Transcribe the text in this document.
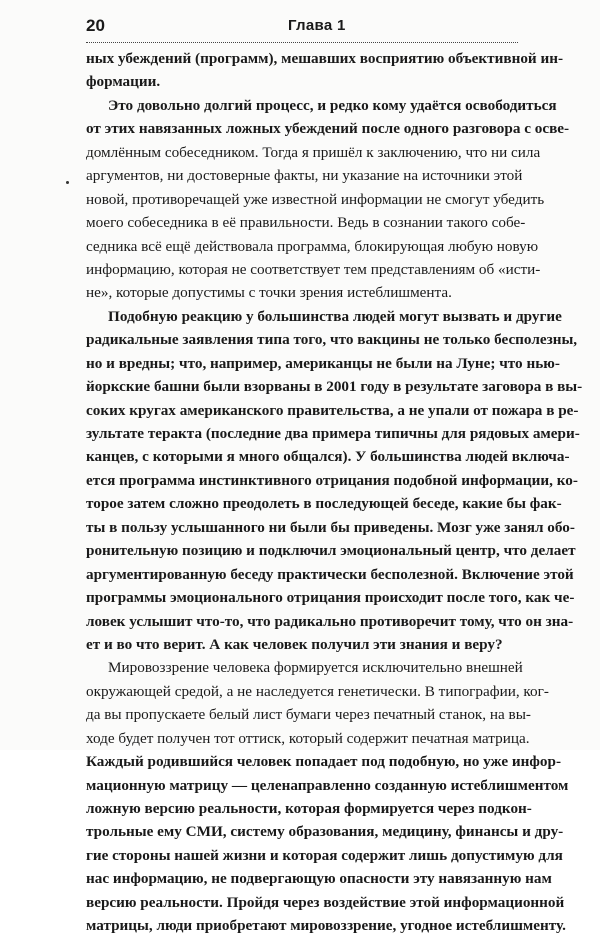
20	Глава 1
ных убеждений (программ), мешавших восприятию объективной ин-
формации.
Это довольно долгий процесс, и редко кому удаётся освободиться
от этих навязанных ложных убеждений после одного разговора с осве-
домлённым собеседником. Тогда я пришёл к заключению, что ни сила
аргументов, ни достоверные факты, ни указание на источники этой
новой, противоречащей уже известной информации не смогут убедить
моего собеседника в её правильности. Ведь в сознании такого собе-
седника всё ещё действовала программа, блокирующая любую новую
информацию, которая не соответствует тем представлениям об «исти-
не», которые допустимы с точки зрения истеблишмента.
Подобную реакцию у большинства людей могут вызвать и другие
радикальные заявления типа того, что вакцины не только бесполезны,
но и вредны; что, например, американцы не были на Луне; что нью-
йоркские башни были взорваны в 2001 году в результате заговора в вы-
соких кругах американского правительства, а не упали от пожара в ре-
зультате теракта (последние два примера типичны для рядовых амери-
канцев, с которыми я много общался). У большинства людей включа-
ется программа инстинктивного отрицания подобной информации, ко-
торое затем сложно преодолеть в последующей беседе, какие бы фак-
ты в пользу услышанного ни были бы приведены. Мозг уже занял обо-
ронительную позицию и подключил эмоциональный центр, что делает
аргументированную беседу практически бесполезной. Включение этой
программы эмоционального отрицания происходит после того, как че-
ловек услышит что-то, что радикально противоречит тому, что он зна-
ет и во что верит. А как человек получил эти знания и веру?
Мировоззрение человека формируется исключительно внешней
окружающей средой, а не наследуется генетически. В типографии, ког-
да вы пропускаете белый лист бумаги через печатный станок, на вы-
ходе будет получен тот оттиск, который содержит печатная матрица.
Каждый родившийся человек попадает под подобную, но уже инфор-
мационную матрицу — целенаправленно созданную истеблишментом
ложную версию реальности, которая формируется через подкон-
трольные ему СМИ, систему образования, медицину, финансы и дру-
гие стороны нашей жизни и которая содержит лишь допустимую для
нас информацию, не подвергающую опасности эту навязанную нам
версию реальности. Пройдя через воздействие этой информационной
матрицы, люди приобретают мировоззрение, угодное истеблишменту.
